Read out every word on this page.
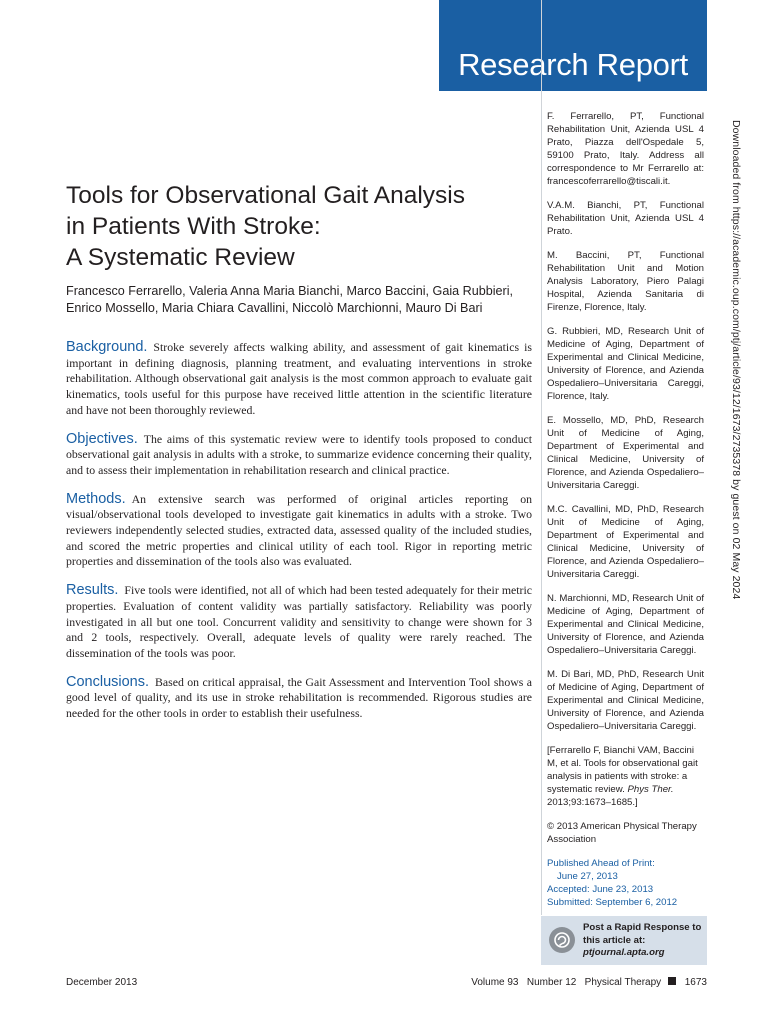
Research Report
Tools for Observational Gait Analysis
in Patients With Stroke:
A Systematic Review

Francesco Ferrarello, Valeria Anna Maria Bianchi, Marco Baccini, Gaia Rubbieri,
Enrico Mossello, Maria Chiara Cavallini, Niccolò Marchionni, Mauro Di Bari

Background. Stroke severely affects walking ability, and assessment of gait kinematics is important in defining diagnosis, planning treatment, and evaluating interventions in stroke rehabilitation. Although observational gait analysis is the most common approach to evaluate gait kinematics, tools useful for this purpose have received little attention in the scientific literature and have not been thoroughly reviewed.

Objectives. The aims of this systematic review were to identify tools proposed to conduct observational gait analysis in adults with a stroke, to summarize evidence concerning their quality, and to assess their implementation in rehabilitation research and clinical practice.

Methods. An extensive search was performed of original articles reporting on visual/observational tools developed to investigate gait kinematics in adults with a stroke. Two reviewers independently selected studies, extracted data, assessed quality of the included studies, and scored the metric properties and clinical utility of each tool. Rigor in reporting metric properties and dissemination of the tools also was evaluated.

Results. Five tools were identified, not all of which had been tested adequately for their metric properties. Evaluation of content validity was partially satisfactory. Reliability was poorly investigated in all but one tool. Concurrent validity and sensitivity to change were shown for 3 and 2 tools, respectively. Overall, adequate levels of quality were rarely reached. The dissemination of the tools was poor.

Conclusions. Based on critical appraisal, the Gait Assessment and Intervention Tool shows a good level of quality, and its use in stroke rehabilitation is recommended. Rigorous studies are needed for the other tools in order to establish their usefulness.

F. Ferrarello, PT, Functional Rehabilitation Unit, Azienda USL 4 Prato, Piazza dell'Ospedale 5, 59100 Prato, Italy. Address all correspondence to Mr Ferrarello at: francescoferrarello@tiscali.it.

V.A.M. Bianchi, PT, Functional Rehabilitation Unit, Azienda USL 4 Prato.

M. Baccini, PT, Functional Rehabilitation Unit and Motion Analysis Laboratory, Piero Palagi Hospital, Azienda Sanitaria di Firenze, Florence, Italy.

G. Rubbieri, MD, Research Unit of Medicine of Aging, Department of Experimental and Clinical Medicine, University of Florence, and Azienda Ospedaliero–Universitaria Careggi, Florence, Italy.

E. Mossello, MD, PhD, Research Unit of Medicine of Aging, Department of Experimental and Clinical Medicine, University of Florence, and Azienda Ospedaliero–Universitaria Careggi.

M.C. Cavallini, MD, PhD, Research Unit of Medicine of Aging, Department of Experimental and Clinical Medicine, University of Florence, and Azienda Ospedaliero–Universitaria Careggi.

N. Marchionni, MD, Research Unit of Medicine of Aging, Department of Experimental and Clinical Medicine, University of Florence, and Azienda Ospedaliero–Universitaria Careggi.

M. Di Bari, MD, PhD, Research Unit of Medicine of Aging, Department of Experimental and Clinical Medicine, University of Florence, and Azienda Ospedaliero–Universitaria Careggi.

[Ferrarello F, Bianchi VAM, Baccini M, et al. Tools for observational gait analysis in patients with stroke: a systematic review. Phys Ther. 2013;93:1673–1685.]

© 2013 American Physical Therapy Association

Published Ahead of Print:

June 27, 2013

Accepted: June 23, 2013

Submitted: September 6, 2012

Post a Rapid Response to
this article at:
ptjournal.apta.org
Downloaded from https://academic.oup.com/ptj/article/93/12/1673/2735378 by guest on 02 May 2024
December 2013	Volume 93 Number 12 Physical Therapy 1673
